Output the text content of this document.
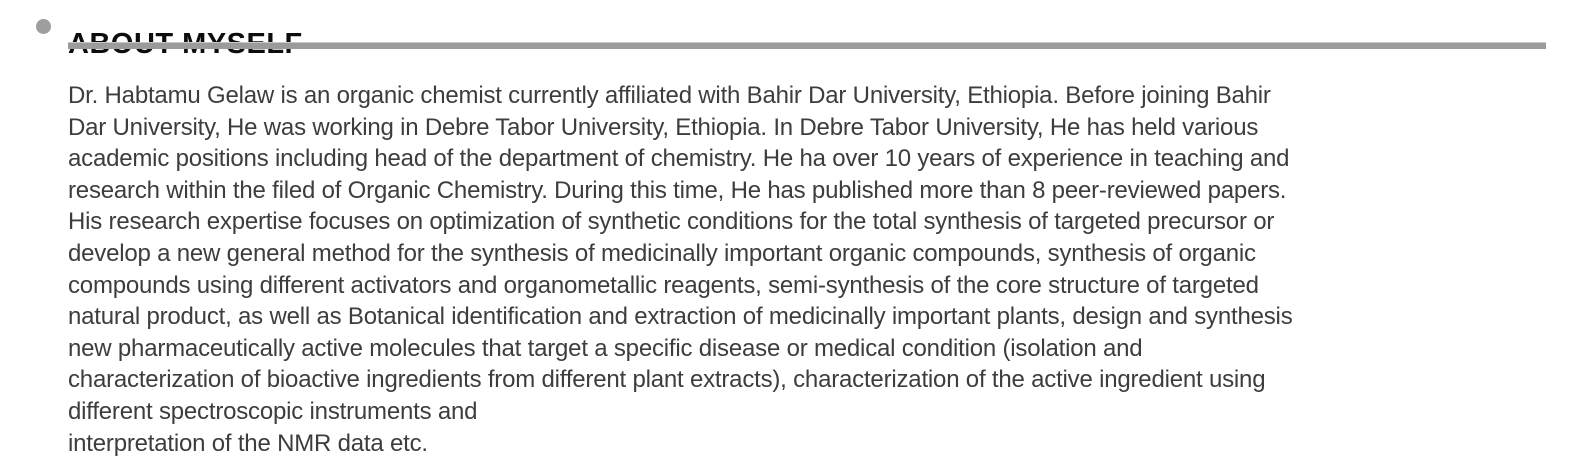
Dr. Habtamu Gelaw is an organic chemist currently affiliated with Bahir Dar University, Ethiopia. Before joining Bahir
Dar University, He was working in Debre Tabor University, Ethiopia. In Debre Tabor University, He has held various
academic positions including head of the department of chemistry. He ha over 10 years of experience in teaching and
research within the filed of Organic Chemistry. During this time, He has published more than 8 peer-reviewed papers.
His research expertise focuses on optimization of synthetic conditions for the total synthesis of targeted precursor or
develop a new general method for the synthesis of medicinally important organic compounds, synthesis of organic
compounds using different activators and organometallic reagents, semi-synthesis of the core structure of targeted
natural product, as well as Botanical identification and extraction of medicinally important plants, design and synthesis
new pharmaceutically active molecules that target a specific disease or medical condition (isolation and
characterization of bioactive ingredients from different plant extracts), characterization of the active ingredient using
different spectroscopic instruments and
interpretation of the NMR data etc.
